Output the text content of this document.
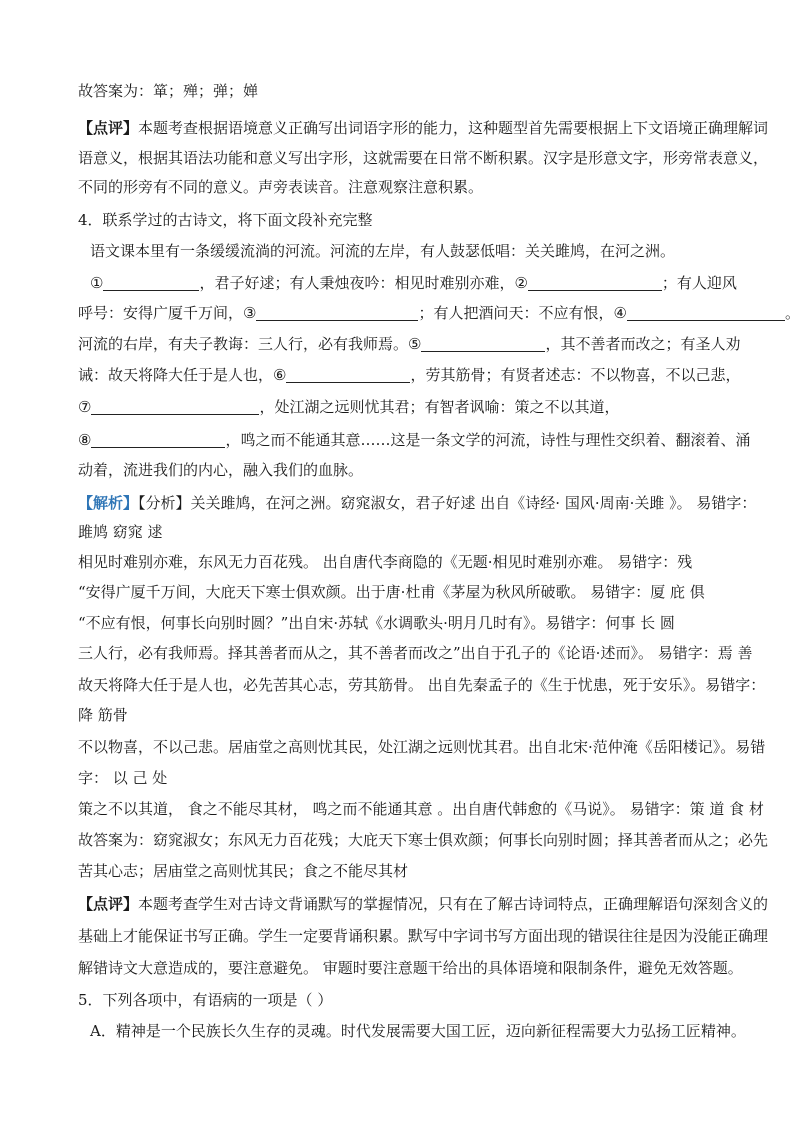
故答案为：箪；殚；弹；婵
【点评】本题考查根据语境意义正确写出词语字形的能力，这种题型首先需要根据上下文语境正确理解词
语意义，根据其语法功能和意义写出字形，这就需要在日常不断积累。汉字是形意文字，形旁常表意义，
不同的形旁有不同的意义。声旁表读音。注意观察注意积累。
4．联系学过的古诗文，将下面文段补充完整
语文课本里有一条缓缓流淌的河流。河流的左岸，有人鼓瑟低唱：关关雎鸠，在河之洲。
①	，君子好逑；有人秉烛夜吟：相见时难别亦难，②	；有人迎风
呼号：安得广厦千万间，③	；有人把酒问天：不应有恨，④	。
河流的右岸，有夫子教诲：三人行，必有我师焉。⑤	，其不善者而改之；有圣人劝
诫：故天将降大任于是人也，⑥	，劳其筋骨；有贤者述志：不以物喜，不以己悲，
⑦	，处江湖之远则忧其君；有智者讽喻：策之不以其道，
⑧	，鸣之而不能通其意……这是一条文学的河流，诗性与理性交织着、翻滚着、涌
动着，流进我们的内心，融入我们的血脉。
【解析】【分析】关关雎鸠，在河之洲。窈窕淑女，君子好逑 出自《诗经· 国风·周南·关雎 》。 易错字：
雎鸠 窈窕 逑
相见时难别亦难，东风无力百花残。 出自唐代李商隐的《无题·相见时难别亦难。 易错字：残
“安得广厦千万间，大庇天下寒士俱欢颜。出于唐·杜甫《茅屋为秋风所破歌。 易错字：厦 庇 俱
“不应有恨，何事长向别时圆？”出自宋·苏轼《水调歌头·明月几时有》。易错字：何事 长 圆
三人行，必有我师焉。择其善者而从之，其不善者而改之”出自于孔子的《论语·述而》。 易错字：焉 善
故天将降大任于是人也，必先苦其心志，劳其筋骨。 出自先秦孟子的《生于忧患，死于安乐》。易错字：
降 筋骨
不以物喜，不以己悲。居庙堂之高则忧其民，处江湖之远则忧其君。出自北宋·范仲淹《岳阳楼记》。易错
字： 以 己 处
策之不以其道， 食之不能尽其材， 鸣之而不能通其意 。出自唐代韩愈的《马说》。 易错字：策 道 食 材
故答案为：窈窕淑女；东风无力百花残；大庇天下寒士俱欢颜；何事长向别时圆；择其善者而从之；必先
苦其心志；居庙堂之高则忧其民；食之不能尽其材
【点评】本题考查学生对古诗文背诵默写的掌握情况，只有在了解古诗词特点，正确理解语句深刻含义的
基础上才能保证书写正确。学生一定要背诵积累。默写中字词书写方面出现的错误往往是因为没能正确理
解错诗文大意造成的，要注意避免。 审题时要注意题干给出的具体语境和限制条件，避免无效答题。
5．下列各项中，有语病的一项是（ ）
A．精神是一个民族长久生存的灵魂。时代发展需要大国工匠，迈向新征程需要大力弘扬工匠精神。
